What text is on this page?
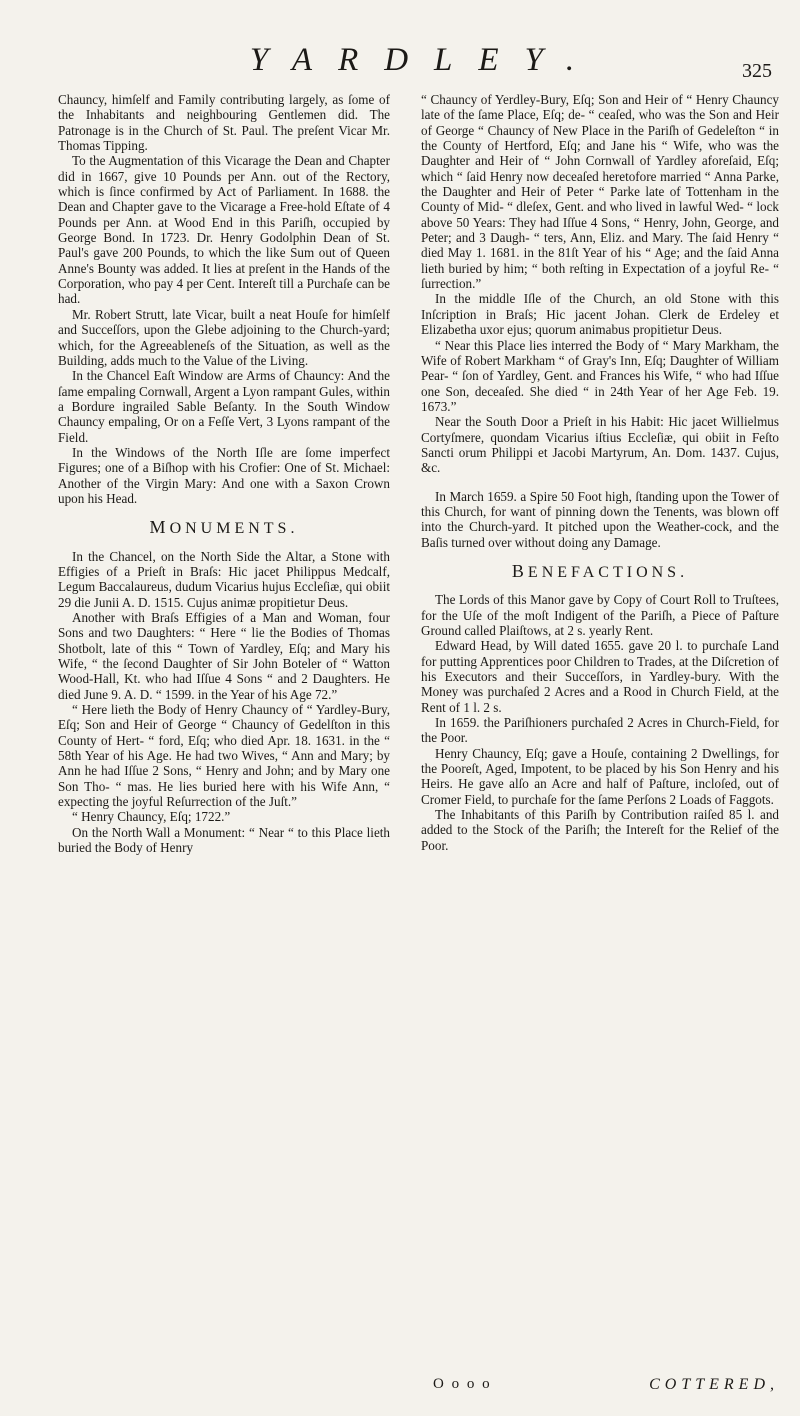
YARDLEY.	325

Chauncy, himſelf and Family contributing largely, as ſome of the Inhabitants and neighbouring Gentlemen did. The Patronage is in the Church of St. Paul. The preſent Vicar Mr. Thomas Tipping.

To the Augmentation of this Vicarage the Dean and Chapter did in 1667, give 10 Pounds per Ann. out of the Rectory, which is ſince confirmed by Act of Parliament. In 1688. the Dean and Chapter gave to the Vicarage a Free-hold Eſtate of 4 Pounds per Ann. at Wood End in this Pariſh, occupied by George Bond. In 1723. Dr. Henry Godolphin Dean of St. Paul's gave 200 Pounds, to which the like Sum out of Queen Anne's Bounty was added. It lies at preſent in the Hands of the Corporation, who pay 4 per Cent. Intereſt till a Purchaſe can be had.

Mr. Robert Strutt, late Vicar, built a neat Houſe for himſelf and Succeſſors, upon the Glebe adjoining to the Church-yard; which, for the Agreeableneſs of the Situation, as well as the Building, adds much to the Value of the Living.

In the Chancel Eaſt Window are Arms of Chauncy: And the ſame empaling Cornwall, Argent a Lyon rampant Gules, within a Bordure ingrailed Sable Beſanty. In the South Window Chauncy empaling, Or on a Feſſe Vert, 3 Lyons rampant of the Field.

In the Windows of the North Iſle are ſome imperfect Figures; one of a Biſhop with his Crofier: One of St. Michael: Another of the Virgin Mary: And one with a Saxon Crown upon his Head.

MONUMENTS.

In the Chancel, on the North Side the Altar, a Stone with Effigies of a Prieſt in Braſs: Hic jacet Philippus Medcalf, Legum Baccalaureus, dudum Vicarius hujus Eccleſiæ, qui obiit 29 die Junii A. D. 1515. Cujus animæ propitietur Deus.

Another with Braſs Effigies of a Man and Woman, four Sons and two Daughters: “ Here “ lie the Bodies of Thomas Shotbolt, late of this “ Town of Yardley, Eſq; and Mary his Wife, “ the ſecond Daughter of Sir John Boteler of “ Watton Wood-Hall, Kt. who had Iſſue 4 Sons “ and 2 Daughters. He died June 9. A. D. “ 1599. in the Year of his Age 72.”

“ Here lieth the Body of Henry Chauncy of “ Yardley-Bury, Eſq; Son and Heir of George “ Chauncy of Gedelſton in this County of Hert- “ ford, Eſq; who died Apr. 18. 1631. in the “ 58th Year of his Age. He had two Wives, “ Ann and Mary; by Ann he had Iſſue 2 Sons, “ Henry and John; and by Mary one Son Tho- “ mas. He lies buried here with his Wife Ann, “ expecting the joyful Reſurrection of the Juſt.”

“ Henry Chauncy, Eſq; 1722.”

On the North Wall a Monument: “ Near “ to this Place lieth buried the Body of Henry

“ Chauncy of Yerdley-Bury, Eſq; Son and Heir of “ Henry Chauncy late of the ſame Place, Eſq; de- “ ceaſed, who was the Son and Heir of George “ Chauncy of New Place in the Pariſh of Gedeleſton “ in the County of Hertford, Eſq; and Jane his “ Wife, who was the Daughter and Heir of “ John Cornwall of Yardley aforeſaid, Eſq; which “ ſaid Henry now deceaſed heretofore married “ Anna Parke, the Daughter and Heir of Peter “ Parke late of Tottenham in the County of Mid- “ dleſex, Gent. and who lived in lawful Wed- “ lock above 50 Years: They had Iſſue 4 Sons, “ Henry, John, George, and Peter; and 3 Daugh- “ ters, Ann, Eliz. and Mary. The ſaid Henry “ died May 1. 1681. in the 81ſt Year of his “ Age; and the ſaid Anna lieth buried by him; “ both reſting in Expectation of a joyful Re- “ ſurrection.”

In the middle Iſle of the Church, an old Stone with this Inſcription in Braſs; Hic jacent Johan. Clerk de Erdeley et Elizabetha uxor ejus; quorum animabus propitietur Deus.

“ Near this Place lies interred the Body of “ Mary Markham, the Wife of Robert Markham “ of Gray's Inn, Eſq; Daughter of William Pear- “ ſon of Yardley, Gent. and Frances his Wife, “ who had Iſſue one Son, deceaſed. She died “ in 24th Year of her Age Feb. 19. 1673.”

Near the South Door a Prieſt in his Habit: Hic jacet Willielmus Cortyſmere, quondam Vicarius iſtius Eccleſiæ, qui obiit in Feſto Sancti orum Philippi et Jacobi Martyrum, An. Dom. 1437. Cujus, &c.

In March 1659. a Spire 50 Foot high, ſtanding upon the Tower of this Church, for want of pinning down the Tenents, was blown off into the Church-yard. It pitched upon the Weather-cock, and the Baſis turned over without doing any Damage.

BENEFACTIONS.

The Lords of this Manor gave by Copy of Court Roll to Truſtees, for the Uſe of the moſt Indigent of the Pariſh, a Piece of Paſture Ground called Plaiſtows, at 2 s. yearly Rent.

Edward Head, by Will dated 1655. gave 20 l. to purchaſe Land for putting Apprentices poor Children to Trades, at the Diſcretion of his Executors and their Succeſſors, in Yardley-bury. With the Money was purchaſed 2 Acres and a Rood in Church Field, at the Rent of 1 l. 2 s.

In 1659. the Pariſhioners purchaſed 2 Acres in Church-Field, for the Poor.

Henry Chauncy, Eſq; gave a Houſe, containing 2 Dwellings, for the Pooreſt, Aged, Impotent, to be placed by his Son Henry and his Heirs. He gave alſo an Acre and half of Paſture, incloſed, out of Cromer Field, to purchaſe for the ſame Perſons 2 Loads of Faggots.

The Inhabitants of this Pariſh by Contribution raiſed 85 l. and added to the Stock of the Pariſh; the Intereſt for the Relief of the Poor.

O o o o	COTTERED,
